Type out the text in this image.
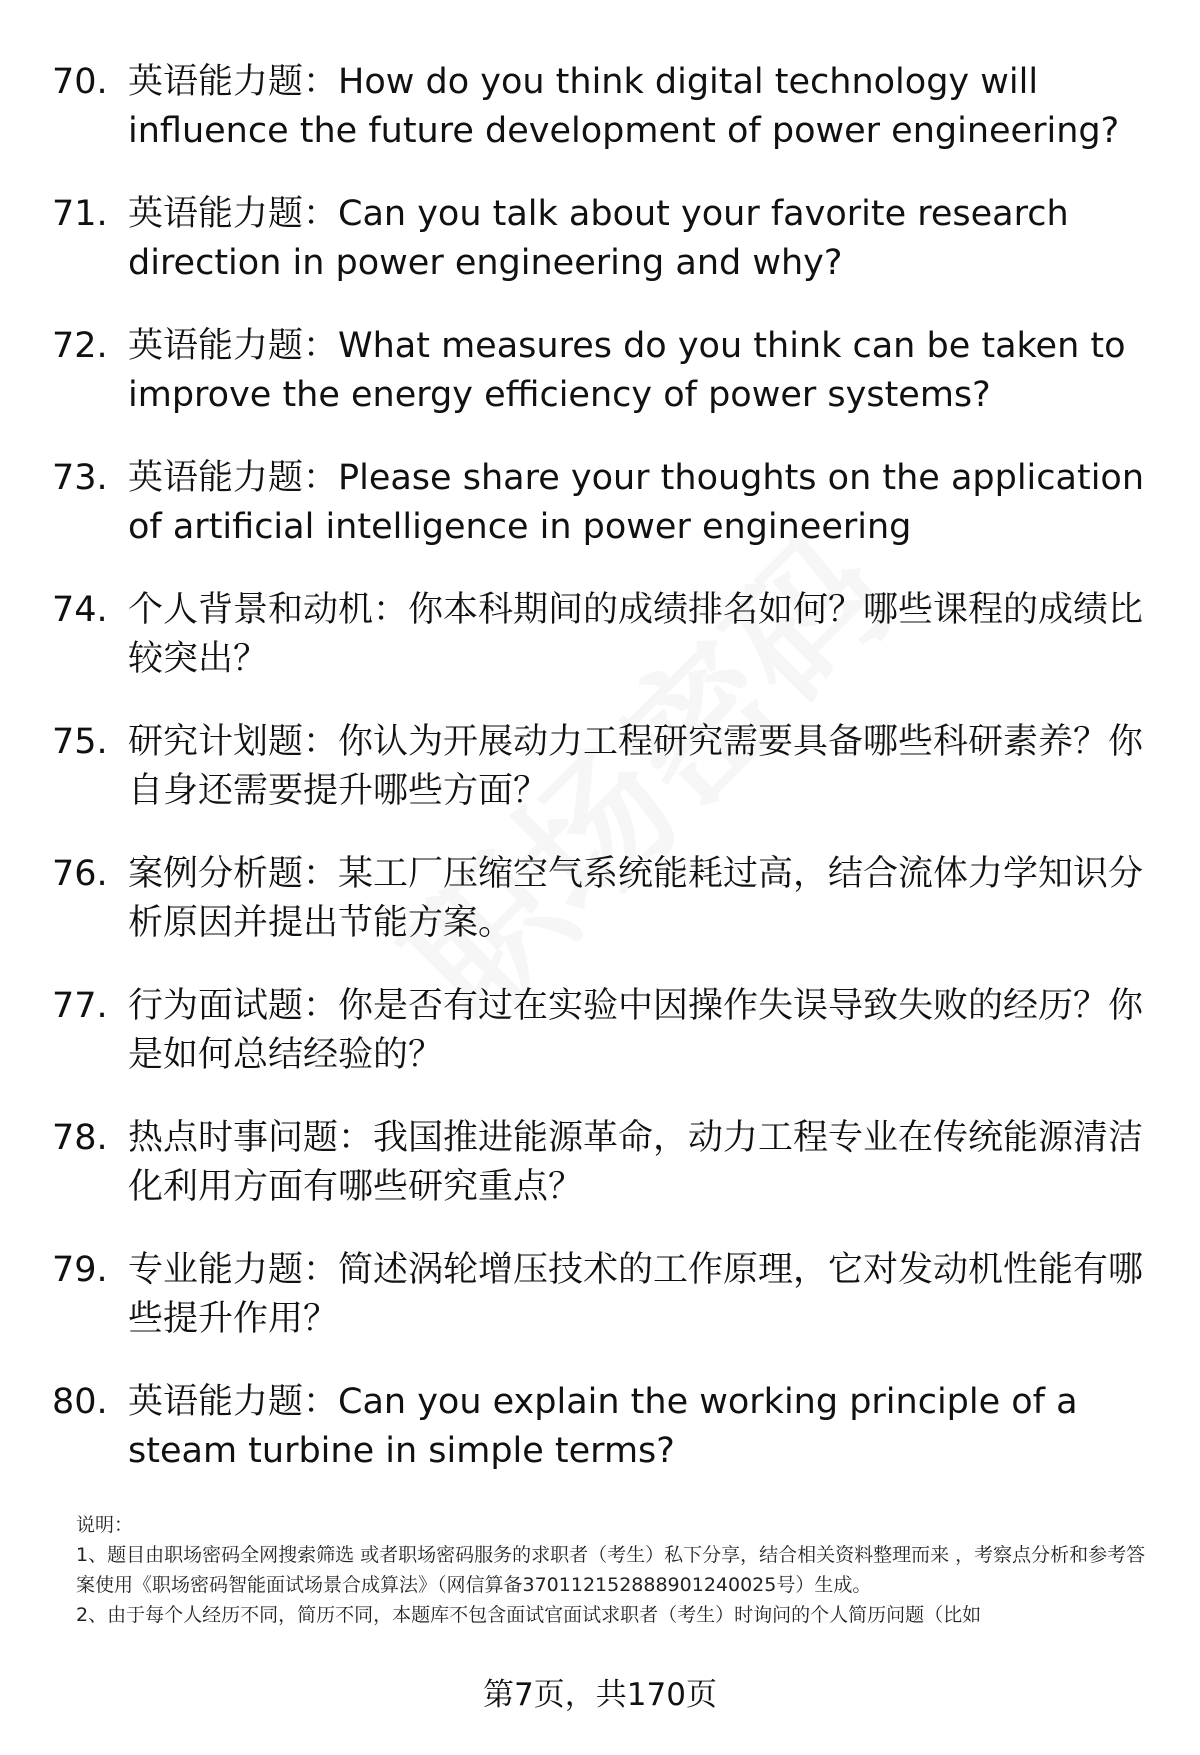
70. 英语能力题：How do you think digital technology will influence the future development of power engineering?
71. 英语能力题：Can you talk about your favorite research direction in power engineering and why?
72. 英语能力题：What measures do you think can be taken to improve the energy efficiency of power systems?
73. 英语能力题：Please share your thoughts on the application of artificial intelligence in power engineering
74. 个人背景和动机：你本科期间的成绩排名如何？哪些课程的成绩比较突出？
75. 研究计划题：你认为开展动力工程研究需要具备哪些科研素养？你自身还需要提升哪些方面？
76. 案例分析题：某工厂压缩空气系统能耗过高，结合流体力学知识分析原因并提出节能方案。
77. 行为面试题：你是否有过在实验中因操作失误导致失败的经历？你是如何总结经验的？
78. 热点时事问题：我国推进能源革命，动力工程专业在传统能源清洁化利用方面有哪些研究重点？
79. 专业能力题：简述涡轮增压技术的工作原理，它对发动机性能有哪些提升作用？
80. 英语能力题：Can you explain the working principle of a steam turbine in simple terms?

说明：

1、题目由职场密码全网搜索筛选 或者职场密码服务的求职者（考生）私下分享，结合相关资料整理而来 ，考察点分析和参考答案使用《职场密码智能面试场景合成算法》（网信算备370112152888901240025号）生成。

2、由于每个人经历不同，简历不同，本题库不包含面试官面试求职者（考生）时询问的个人简历问题（比如

第7页，共170页
